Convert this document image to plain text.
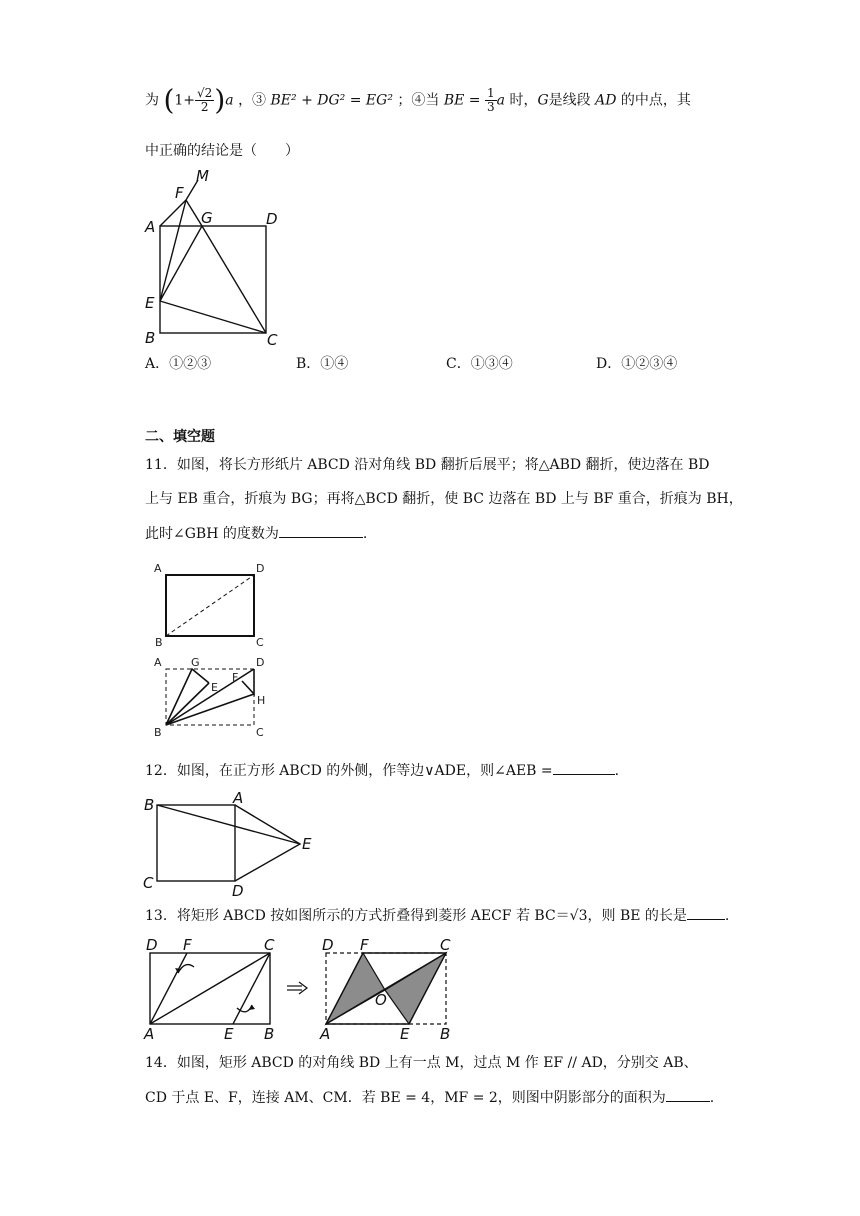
为 $(1+ \frac{√2}{2} )a$ ，③ BE² + DG² = EG² ；④当 BE = $\frac{1}{3}$ a 时，G是线段 AD 的中点，其
中正确的结论是（　　）
M
F
A	G	D
E
B	C
A．①②③	B．①④	C．①③④	D．①②③④
二、填空题
11．如图，将长方形纸片 ABCD 沿对角线 BD 翻折后展平；将△ABD 翻折，使边落在 BD
上与 EB 重合，折痕为 BG；再将△BCD 翻折，使 BC 边落在 BD 上与 BF 重合，折痕为 BH，
此时∠GBH 的度数为	.
A	D
B	C
A	G	D
F
E
H
B	C
12．如图，在正方形 ABCD 的外侧，作等边∨ADE，则∠AEB =	.
B	A
E
C	D
13．将矩形 ABCD 按如图所示的方式折叠得到菱形 AECF 若 BC＝√3，则 BE 的长是	.
D F	C
A	E B
D F	C
O
A	E B
14．如图，矩形 ABCD 的对角线 BD 上有一点 M，过点 M 作 EF // AD，分别交 AB、
CD 于点 E、F，连接 AM、CM．若 BE = 4，MF = 2，则图中阴影部分的面积为	.
